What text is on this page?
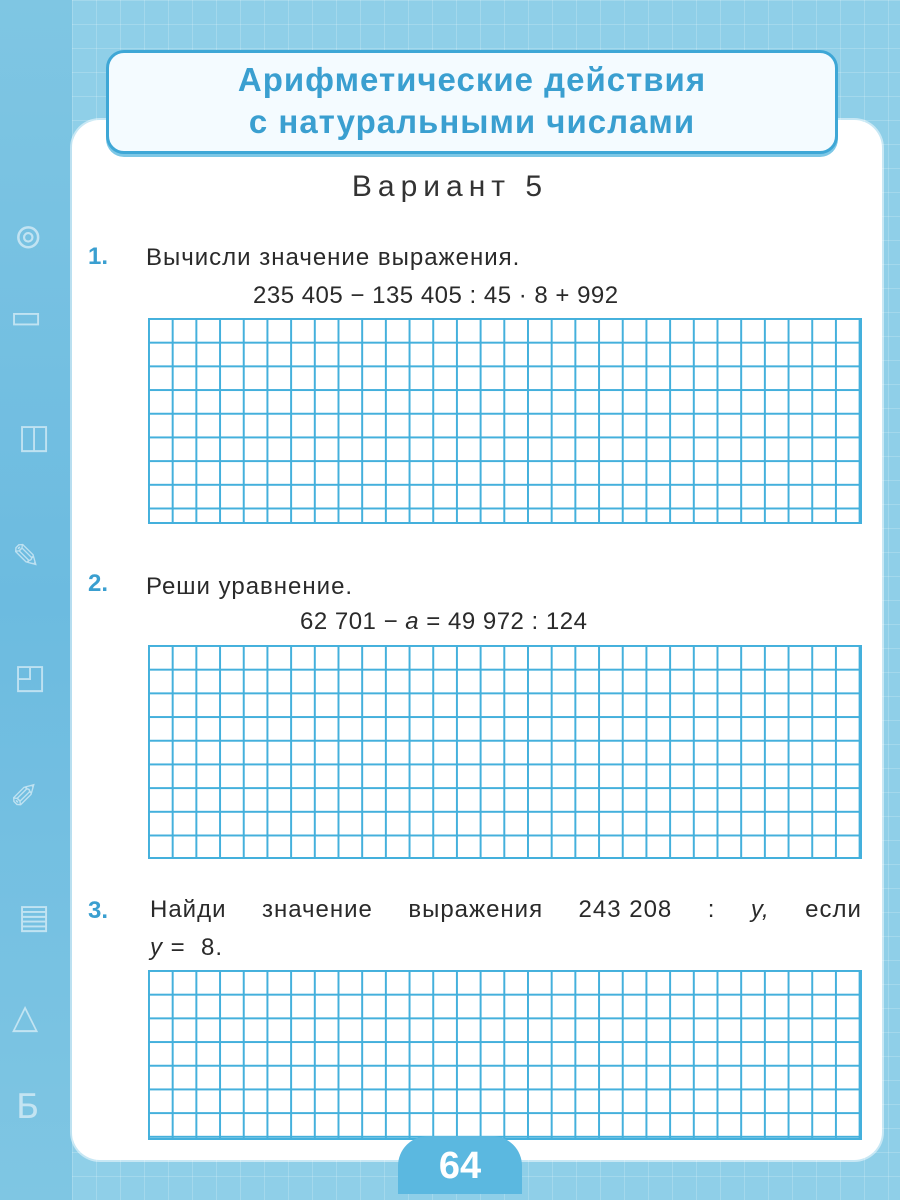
⊚
▭
◫
✎
◰
✐
▤
△
Б
Арифметические действия
с натуральными числами
Вариант 5
1. Вычисли значение выражения.
235 405 − 135 405 : 45 · 8 + 992
2. Реши уравнение.
62 701 − a = 49 972 : 124
3. Найди значение выражения 243 208 : y, если
y =  8.
64
